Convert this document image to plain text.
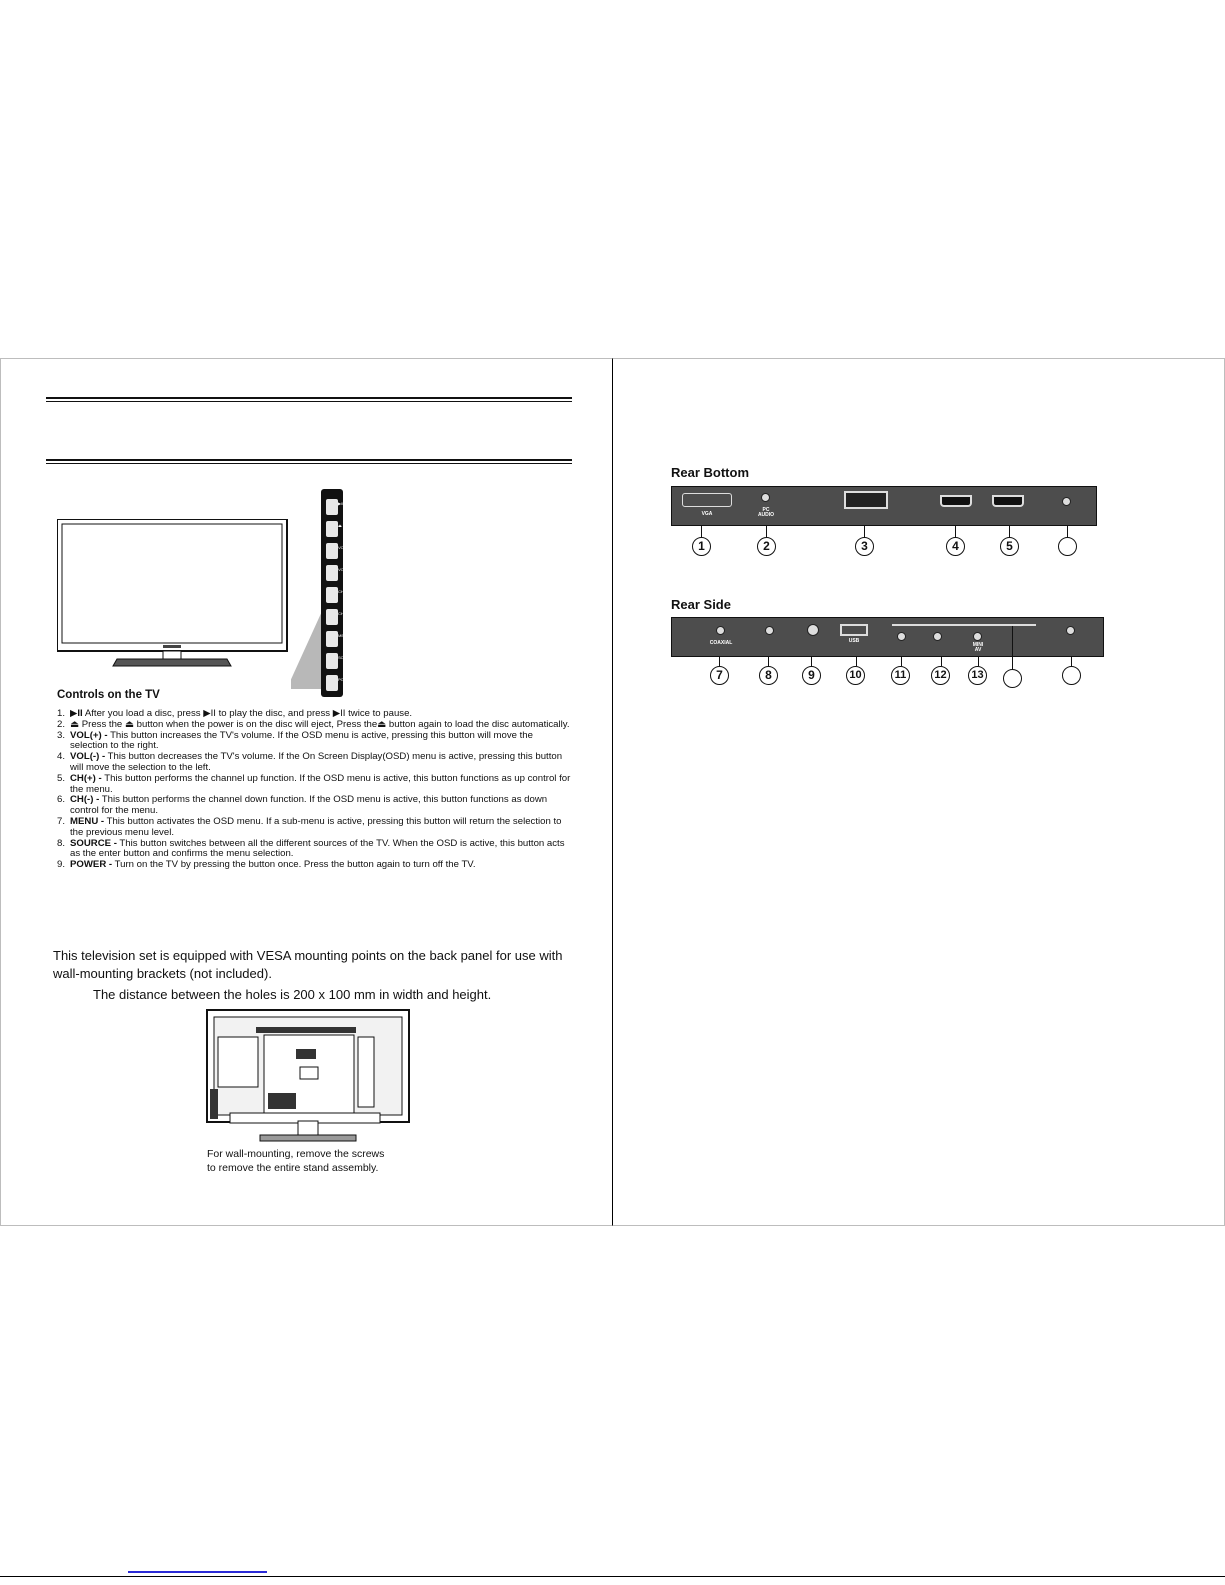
▶II
⏏
VOL+
VOL-
CH+
CH-
MENU
SOURCE
POWER
Controls on the TV
1. ▶II After you load a disc, press ▶II to play the disc, and press ▶II twice to pause.
2. ⏏ Press the ⏏ button when the power is on the disc will eject, Press the⏏ button again to load the disc automatically.
3. VOL(+) - This button increases the TV's volume. If the OSD menu is active, pressing this button will move the selection to the right.
4. VOL(-) - This button decreases the TV's volume. If the On Screen Display(OSD) menu is active, pressing this button will move the selection to the left.
5. CH(+) - This button performs the channel up function. If the OSD menu is active, this button functions as up control for the menu.
6. CH(-) - This button performs the channel down function. If the OSD menu is active, this button functions as down control for the menu.
7. MENU - This button activates the OSD menu. If a sub-menu is active, pressing this button will return the selection to the previous menu level.
8. SOURCE - This button switches between all the different sources of the TV. When the OSD is active, this button acts as the enter button and confirms the menu selection.
9. POWER - Turn on the TV by pressing the button once. Press the button again to turn off the TV.
This television set is equipped with VESA mounting points on the back panel for use with wall-mounting brackets (not included).
The distance between the holes is 200 x 100 mm in width and height.
For wall-mounting, remove the screws
to remove the entire stand assembly.
Rear Bottom
VGA
PC
AUDIO
1	2	3	4	5
Rear Side
COAXIAL	USB
MINI
AV
7	8	9	10	11	12	13
